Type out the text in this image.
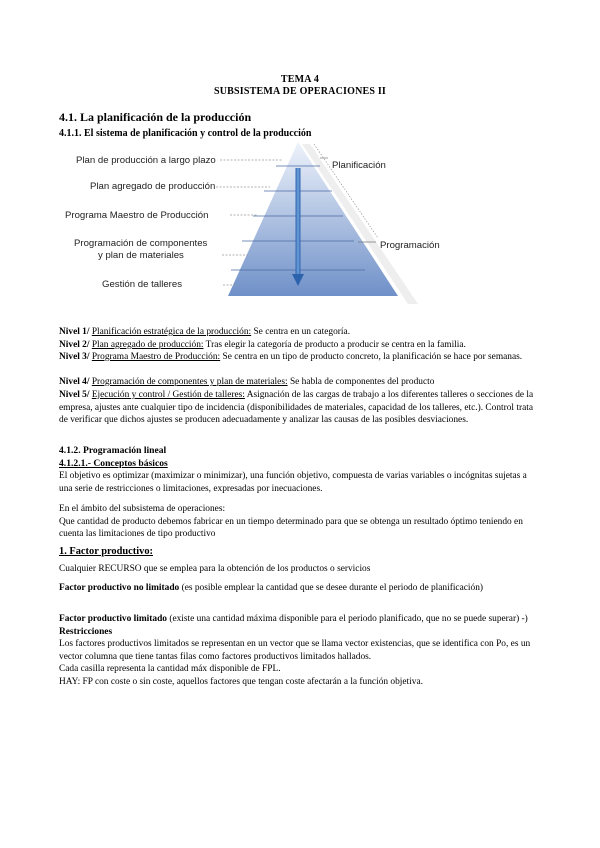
TEMA 4
SUBSISTEMA DE OPERACIONES II
4.1. La planificación de la producción
4.1.1. El sistema de planificación y control de la producción
Plan de producción a largo plazo
Plan agregado de producción
Programa Maestro de Producción
Programación de componentes
y plan de materiales
Gestión de talleres
Planificación
Programación
Nivel 1/ Planificación estratégica de la producción: Se centra en un categoría.
Nivel 2/ Plan agregado de producción: Tras elegir la categoría de producto a producir se centra en la familia.
Nivel 3/ Programa Maestro de Producción: Se centra en un tipo de producto concreto, la planificación se hace por semanas.
Nivel 4/ Programación de componentes y plan de materiales: Se habla de componentes del producto
Nivel 5/ Ejecución y control / Gestión de talleres: Asignación de las cargas de trabajo a los diferentes talleres o secciones de la empresa, ajustes ante cualquier tipo de incidencia (disponibilidades de materiales, capacidad de los talleres, etc.). Control trata de verificar que dichos ajustes se producen adecuadamente y analizar las causas de las posibles desviaciones.
4.1.2. Programación lineal
4.1.2.1.- Conceptos básicos
El objetivo es optimizar (maximizar o minimizar), una función objetivo, compuesta de varias variables o incógnitas sujetas a una serie de restricciones o limitaciones, expresadas por inecuaciones.

En el ámbito del subsistema de operaciones:

Que cantidad de producto debemos fabricar en un tiempo determinado para que se obtenga un resultado óptimo teniendo en cuenta las limitaciones de tipo productivo

1. Factor productivo:
Cualquier RECURSO que se emplea para la obtención de los productos o servicios
Factor productivo no limitado (es posible emplear la cantidad que se desee durante el periodo de planificación)
Factor productivo limitado (existe una cantidad máxima disponible para el periodo planificado, que no se puede superar) -) Restricciones
Los factores productivos limitados se representan en un vector que se llama vector existencias, que se identifica con Po, es un vector columna que tiene tantas filas como factores productivos limitados hallados.
Cada casilla representa la cantidad máx disponible de FPL.
HAY: FP con coste o sin coste, aquellos factores que tengan coste afectarán a la función objetiva.
